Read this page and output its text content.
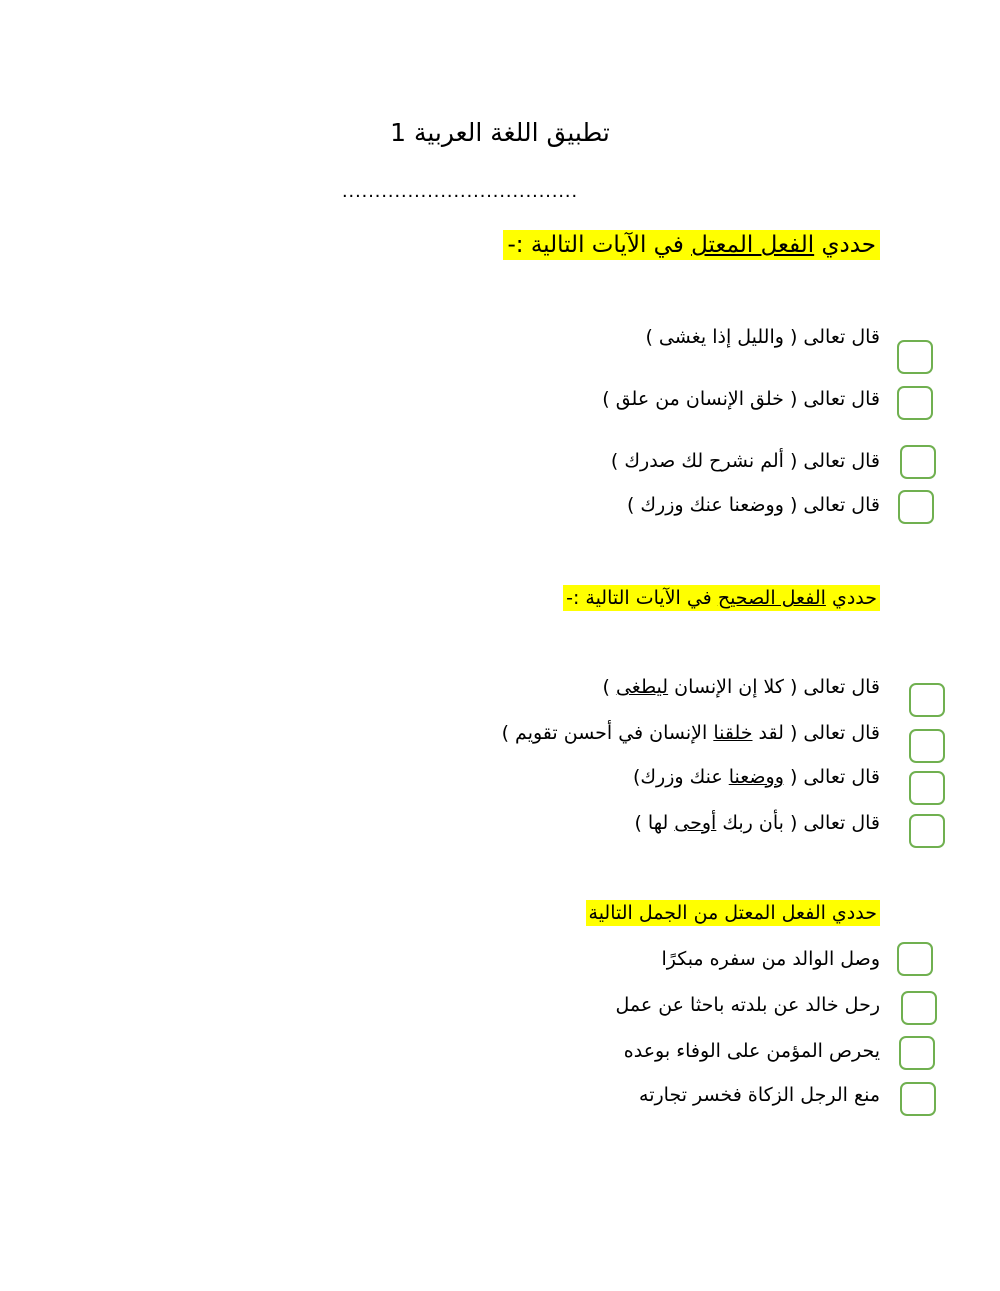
تطبيق اللغة العربية 1
....................................
حددي الفعل المعتل في الآيات التالية :-
قال تعالى ( والليل إذا يغشى )
قال تعالى ( خلق الإنسان من علق )
قال تعالى ( ألم نشرح لك صدرك )
قال تعالى ( ووضعنا عنك وزرك )
حددي الفعل الصحيح في الآيات التالية :-
قال تعالى ( كلا إن الإنسان ليطغى )
قال تعالى ( لقد خلقنا الإنسان في أحسن تقويم )
قال تعالى ( ووضعنا عنك وزرك)
قال تعالى ( بأن ربك أوحى لها )
حددي الفعل المعتل من الجمل التالية
وصل الوالد من سفره مبكرًا
رحل خالد عن بلدته باحثا عن عمل
يحرص المؤمن على الوفاء بوعده
منع الرجل الزكاة فخسر تجارته
